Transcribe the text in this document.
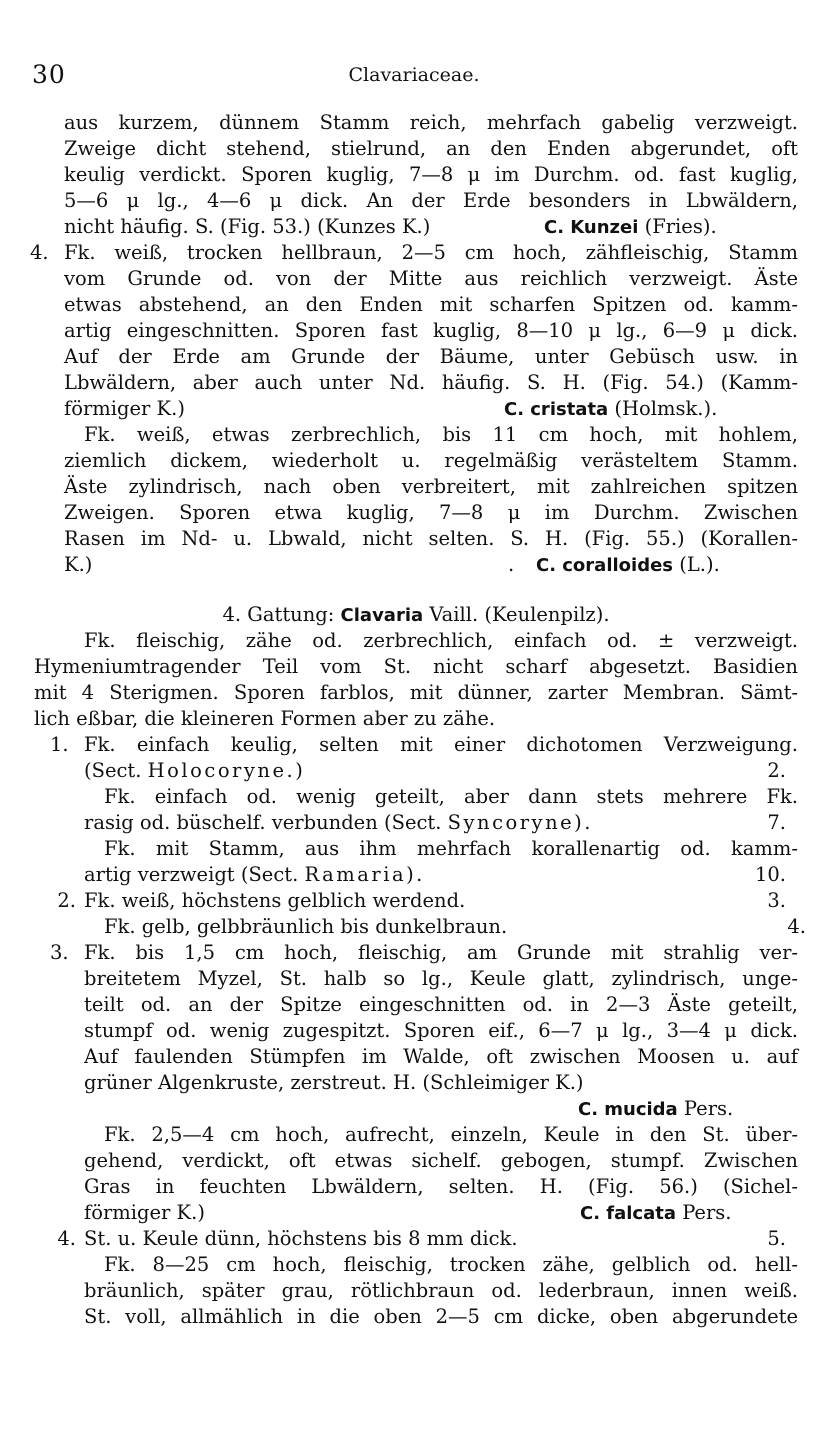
30	Clavariaceae.
aus kurzem, dünnem Stamm reich, mehrfach gabelig verzweigt.
Zweige dicht stehend, stielrund, an den Enden abgerundet, oft
keulig verdickt. Sporen kuglig, 7—8 μ im Durchm. od. fast kuglig,
5—6 μ lg., 4—6 μ dick. An der Erde besonders in Lbwäldern,
nicht häufig. S. (Fig. 53.) (Kunzes K.)	C. Kunzei (Fries).
4. Fk. weiß, trocken hellbraun, 2—5 cm hoch, zähfleischig, Stamm
vom Grunde od. von der Mitte aus reichlich verzweigt. Äste
etwas abstehend, an den Enden mit scharfen Spitzen od. kamm-
artig eingeschnitten. Sporen fast kuglig, 8—10 μ lg., 6—9 μ dick.
Auf der Erde am Grunde der Bäume, unter Gebüsch usw. in
Lbwäldern, aber auch unter Nd. häufig. S. H. (Fig. 54.) (Kamm-
förmiger K.)	C. cristata (Holmsk.).
Fk. weiß, etwas zerbrechlich, bis 11 cm hoch, mit hohlem,
ziemlich dickem, wiederholt u. regelmäßig verästeltem Stamm.
Äste zylindrisch, nach oben verbreitert, mit zahlreichen spitzen
Zweigen. Sporen etwa kuglig, 7—8 μ im Durchm. Zwischen
Rasen im Nd- u. Lbwald, nicht selten. S. H. (Fig. 55.) (Korallen-
K.)	. C. coralloides (L.).
4. Gattung: Clavaria Vaill. (Keulenpilz).
Fk. fleischig, zähe od. zerbrechlich, einfach od. ± verzweigt.
Hymeniumtragender Teil vom St. nicht scharf abgesetzt. Basidien
mit 4 Sterigmen. Sporen farblos, mit dünner, zarter Membran. Sämt-
lich eßbar, die kleineren Formen aber zu zähe.
1. Fk. einfach keulig, selten mit einer dichotomen Verzweigung.
(Sect. Holocoryne.)	2.
Fk. einfach od. wenig geteilt, aber dann stets mehrere Fk.
rasig od. büschelf. verbunden (Sect. Syncoryne).	7.
Fk. mit Stamm, aus ihm mehrfach korallenartig od. kamm-
artig verzweigt (Sect. Ramaria).	10.
2. Fk. weiß, höchstens gelblich werdend.	3.
Fk. gelb, gelbbräunlich bis dunkelbraun.	4.
3. Fk. bis 1,5 cm hoch, fleischig, am Grunde mit strahlig ver-
breitetem Myzel, St. halb so lg., Keule glatt, zylindrisch, unge-
teilt od. an der Spitze eingeschnitten od. in 2—3 Äste geteilt,
stumpf od. wenig zugespitzt. Sporen eif., 6—7 μ lg., 3—4 μ dick.
Auf faulenden Stümpfen im Walde, oft zwischen Moosen u. auf
grüner Algenkruste, zerstreut. H. (Schleimiger K.)
C. mucida Pers.
Fk. 2,5—4 cm hoch, aufrecht, einzeln, Keule in den St. über-
gehend, verdickt, oft etwas sichelf. gebogen, stumpf. Zwischen
Gras in feuchten Lbwäldern, selten. H. (Fig. 56.) (Sichel-
förmiger K.)	C. falcata Pers.
4. St. u. Keule dünn, höchstens bis 8 mm dick.	5.
Fk. 8—25 cm hoch, fleischig, trocken zähe, gelblich od. hell-
bräunlich, später grau, rötlichbraun od. lederbraun, innen weiß.
St. voll, allmählich in die oben 2—5 cm dicke, oben abgerundete
